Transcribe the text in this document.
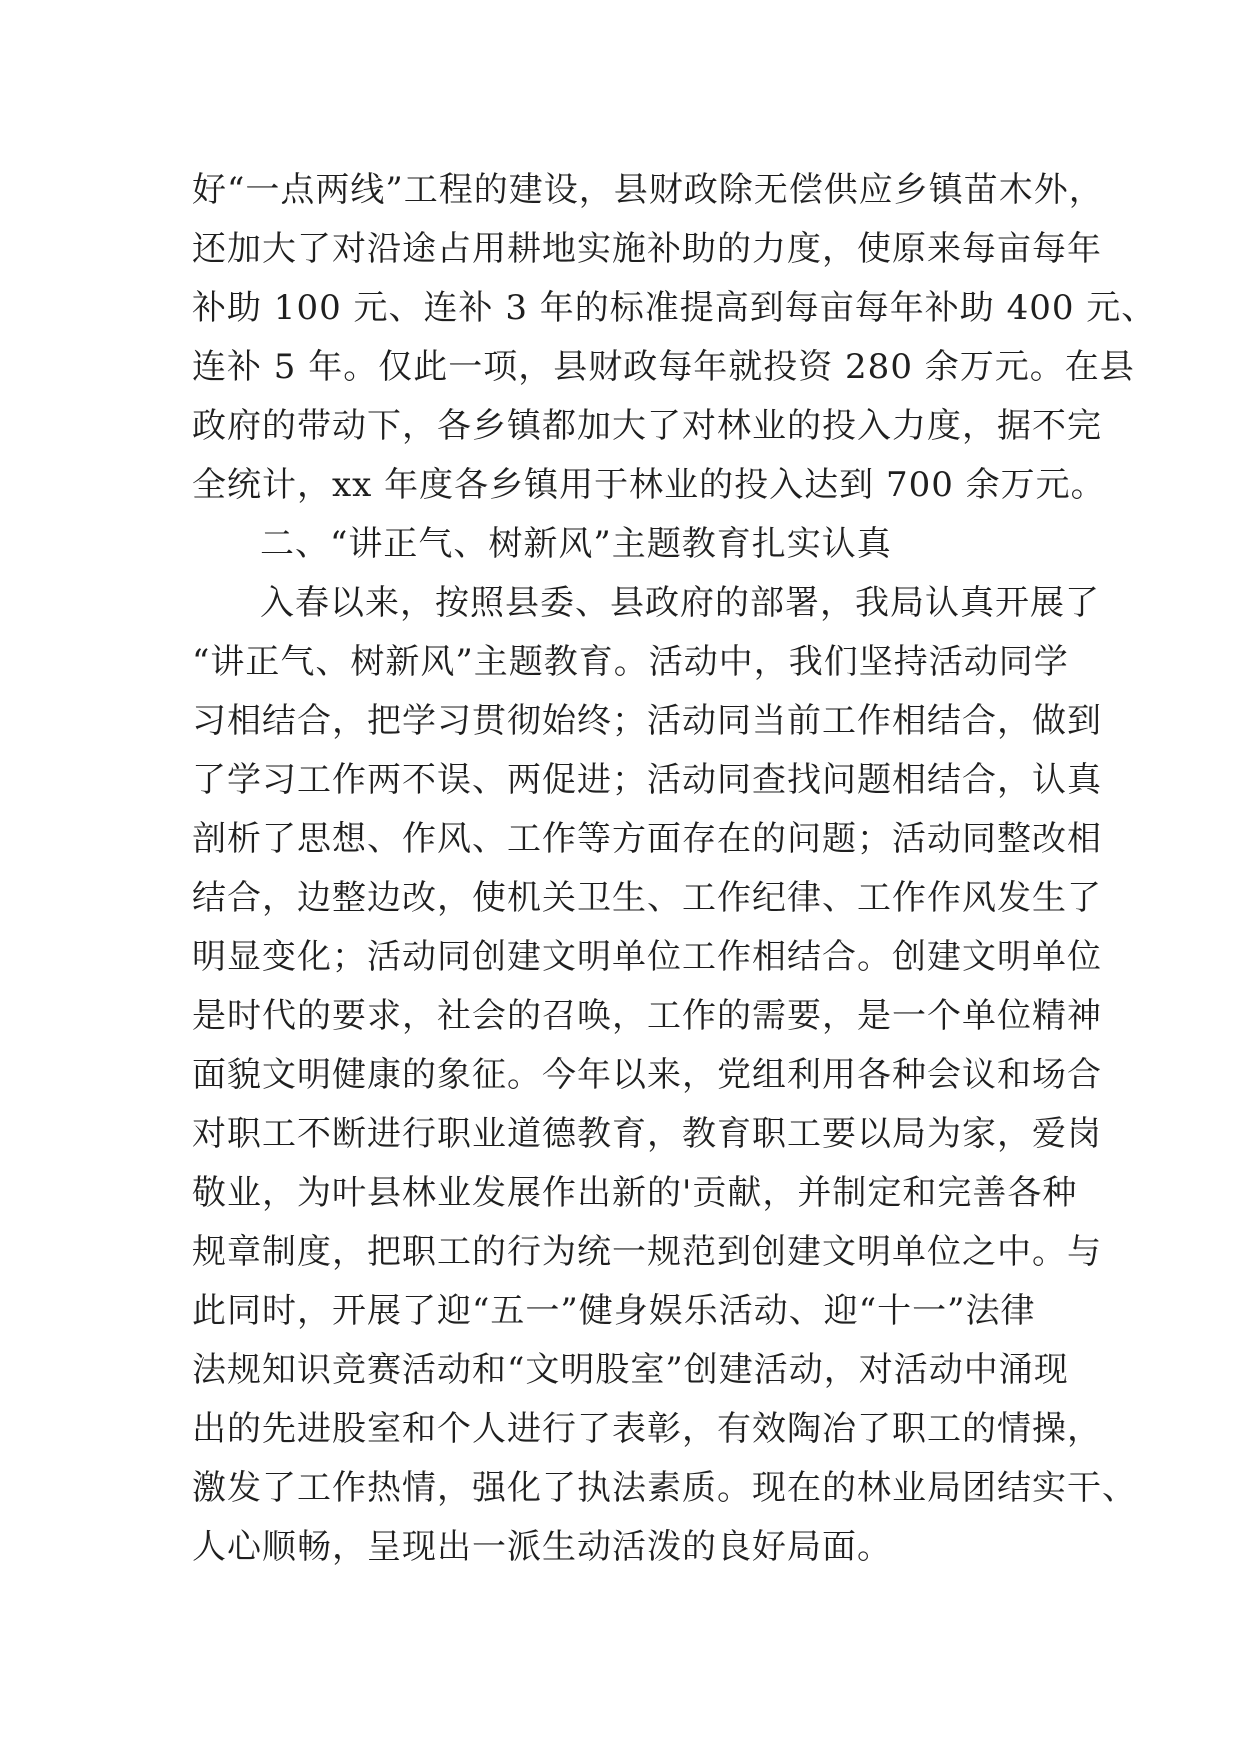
好“一点两线”工程的建设，县财政除无偿供应乡镇苗木外，
还加大了对沿途占用耕地实施补助的力度，使原来每亩每年
补助 100 元、连补 3 年的标准提高到每亩每年补助 400 元、
连补 5 年。仅此一项，县财政每年就投资 280 余万元。在县
政府的带动下，各乡镇都加大了对林业的投入力度，据不完
全统计，xx 年度各乡镇用于林业的投入达到 700 余万元。
二、“讲正气、树新风”主题教育扎实认真
入春以来，按照县委、县政府的部署，我局认真开展了
“讲正气、树新风”主题教育。活动中，我们坚持活动同学
习相结合，把学习贯彻始终；活动同当前工作相结合，做到
了学习工作两不误、两促进；活动同查找问题相结合，认真
剖析了思想、作风、工作等方面存在的问题；活动同整改相
结合，边整边改，使机关卫生、工作纪律、工作作风发生了
明显变化；活动同创建文明单位工作相结合。创建文明单位
是时代的要求，社会的召唤，工作的需要，是一个单位精神
面貌文明健康的象征。今年以来，党组利用各种会议和场合
对职工不断进行职业道德教育，教育职工要以局为家，爱岗
敬业，为叶县林业发展作出新的'贡献，并制定和完善各种
规章制度，把职工的行为统一规范到创建文明单位之中。与
此同时，开展了迎“五一”健身娱乐活动、迎“十一”法律
法规知识竞赛活动和“文明股室”创建活动，对活动中涌现
出的先进股室和个人进行了表彰，有效陶冶了职工的情操，
激发了工作热情，强化了执法素质。现在的林业局团结实干、
人心顺畅，呈现出一派生动活泼的良好局面。
